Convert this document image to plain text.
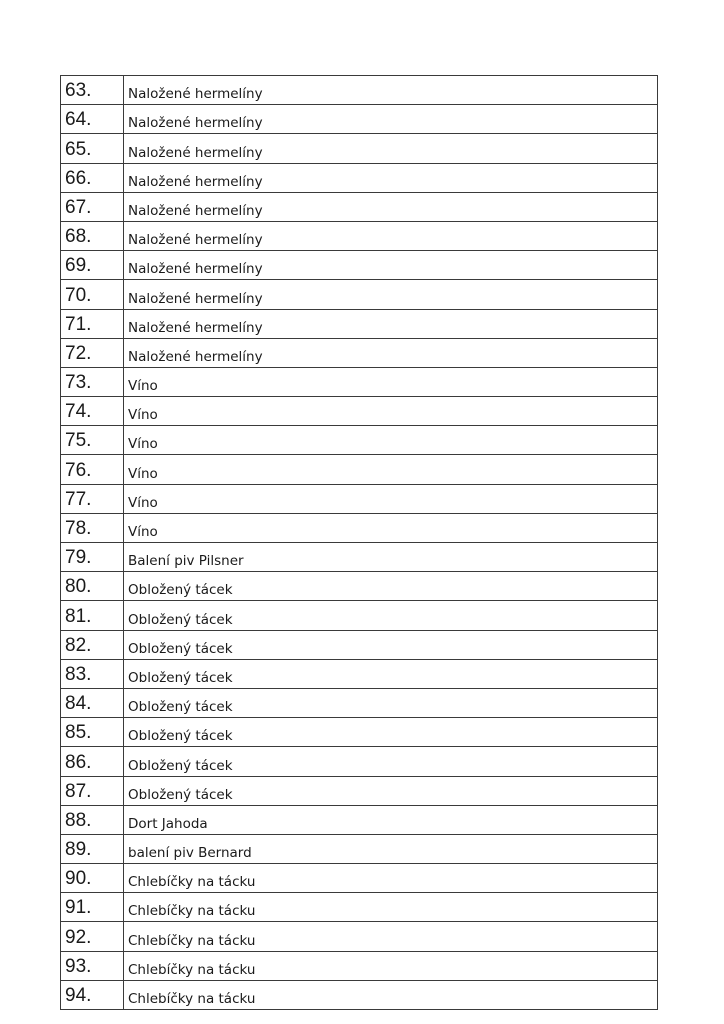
63.	Naložené hermelíny
64.	Naložené hermelíny
65.	Naložené hermelíny
66.	Naložené hermelíny
67.	Naložené hermelíny
68.	Naložené hermelíny
69.	Naložené hermelíny
70.	Naložené hermelíny
71.	Naložené hermelíny
72.	Naložené hermelíny
73.	Víno
74.	Víno
75.	Víno
76.	Víno
77.	Víno
78.	Víno
79.	Balení piv Pilsner
80.	Obložený tácek
81.	Obložený tácek
82.	Obložený tácek
83.	Obložený tácek
84.	Obložený tácek
85.	Obložený tácek
86.	Obložený tácek
87.	Obložený tácek
88.	Dort Jahoda
89.	balení piv Bernard
90.	Chlebíčky na tácku
91.	Chlebíčky na tácku
92.	Chlebíčky na tácku
93.	Chlebíčky na tácku
94.	Chlebíčky na tácku
